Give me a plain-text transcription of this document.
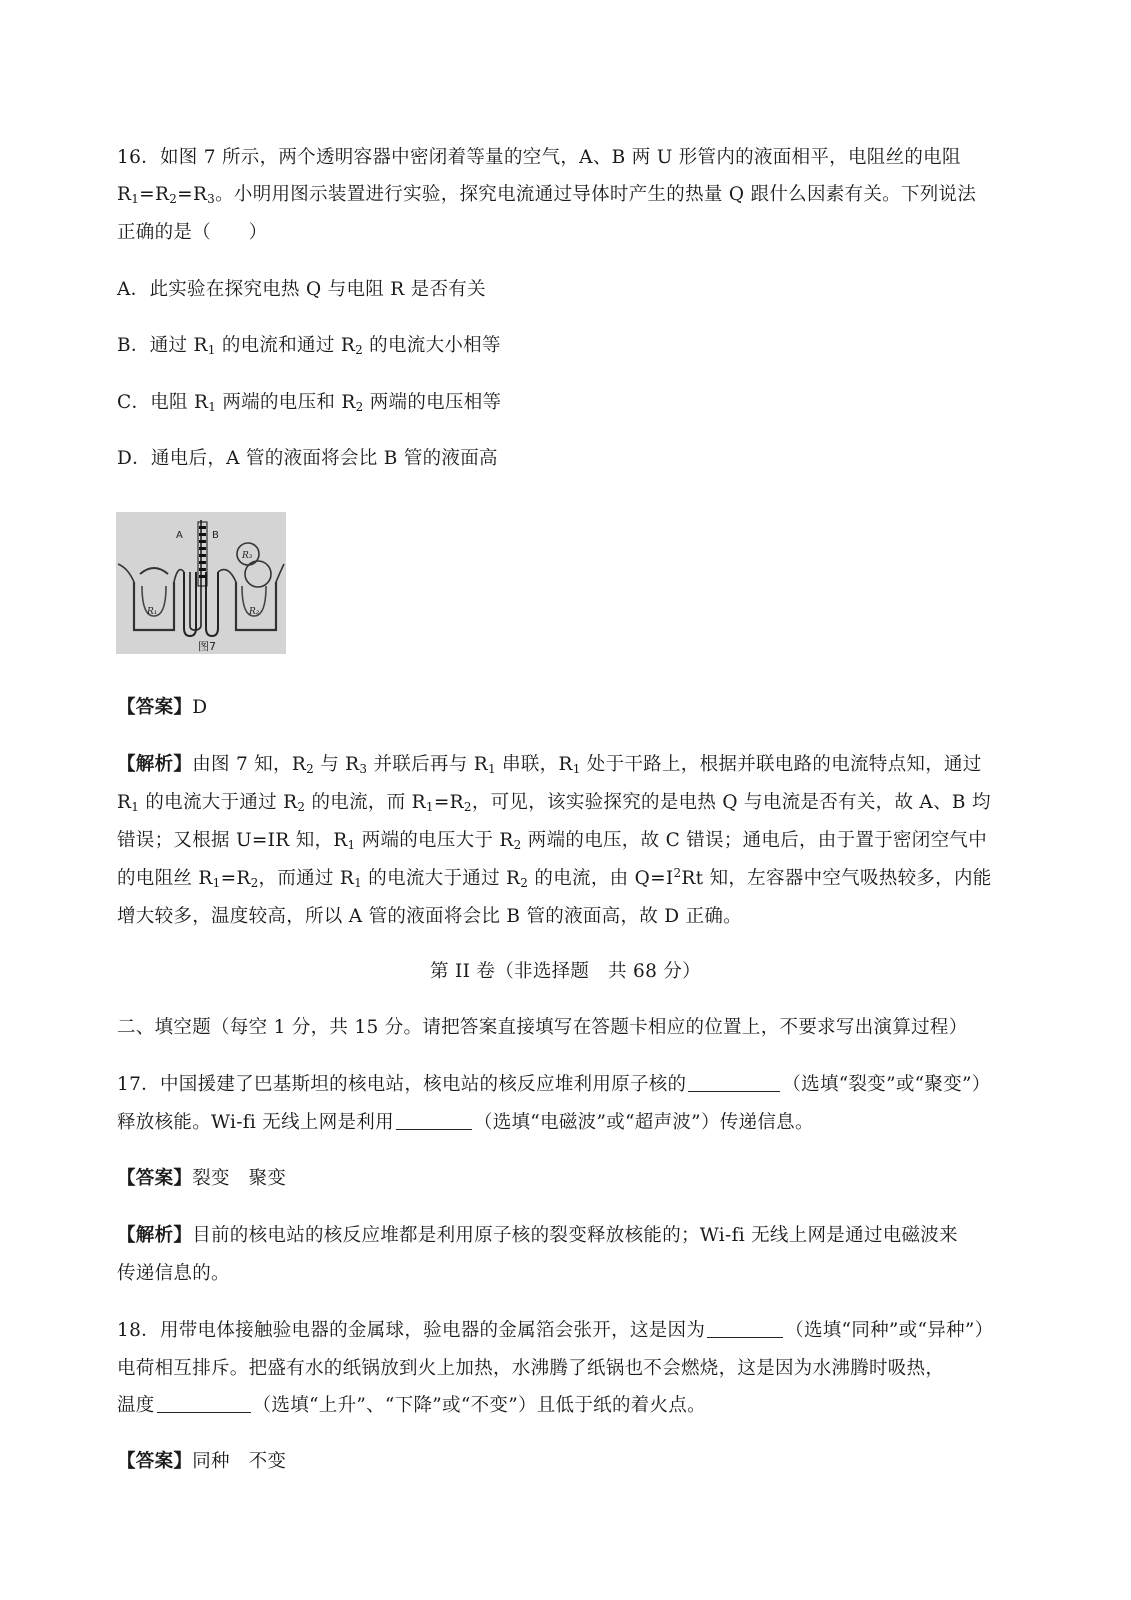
16．如图 7 所示，两个透明容器中密闭着等量的空气，A、B 两 U 形管内的液面相平，电阻丝的电阻
$R_1=R_2=R_3$。小明用图示装置进行实验，探究电流通过导体时产生的热量 Q 跟什么因素有关。下列说法
正确的是（　　）
A．此实验在探究电热 Q 与电阻 R 是否有关
B．通过 $R_1$ 的电流和通过 $R_2$ 的电流大小相等
C．电阻 $R_1$ 两端的电压和 $R_2$ 两端的电压相等
D．通电后，A 管的液面将会比 B 管的液面高
A	B
R₃
R₁	R₂
图7
【答案】D
【解析】由图 7 知，$R_2$ 与 $R_3$ 并联后再与 $R_1$ 串联，$R_1$ 处于干路上，根据并联电路的电流特点知，通过
$R_1$ 的电流大于通过 $R_2$ 的电流，而 $R_1=R_2$，可见，该实验探究的是电热 Q 与电流是否有关，故 A、B 均
错误；又根据 U=IR 知，$R_1$ 两端的电压大于 $R_2$ 两端的电压，故 C 错误；通电后，由于置于密闭空气中
的电阻丝 $R_1=R_2$，而通过 $R_1$ 的电流大于通过 $R_2$ 的电流，由 $Q=I^2Rt$ 知，左容器中空气吸热较多，内能
增大较多，温度较高，所以 A 管的液面将会比 B 管的液面高，故 D 正确。
第 II 卷（非选择题　共 68 分）
二、填空题（每空 1 分，共 15 分。请把答案直接填写在答题卡相应的位置上，不要求写出演算过程）
17．中国援建了巴基斯坦的核电站，核电站的核反应堆利用原子核的	（选填“裂变”或“聚变”）
释放核能。Wi-fi 无线上网是利用	（选填“电磁波”或“超声波”）传递信息。
【答案】裂变　聚变
【解析】目前的核电站的核反应堆都是利用原子核的裂变释放核能的；Wi-fi 无线上网是通过电磁波来
传递信息的。
18．用带电体接触验电器的金属球，验电器的金属箔会张开，这是因为	（选填“同种”或“异种”）
电荷相互排斥。把盛有水的纸锅放到火上加热，水沸腾了纸锅也不会燃烧，这是因为水沸腾时吸热，
温度	（选填“上升”、“下降”或“不变”）且低于纸的着火点。
【答案】同种　不变
